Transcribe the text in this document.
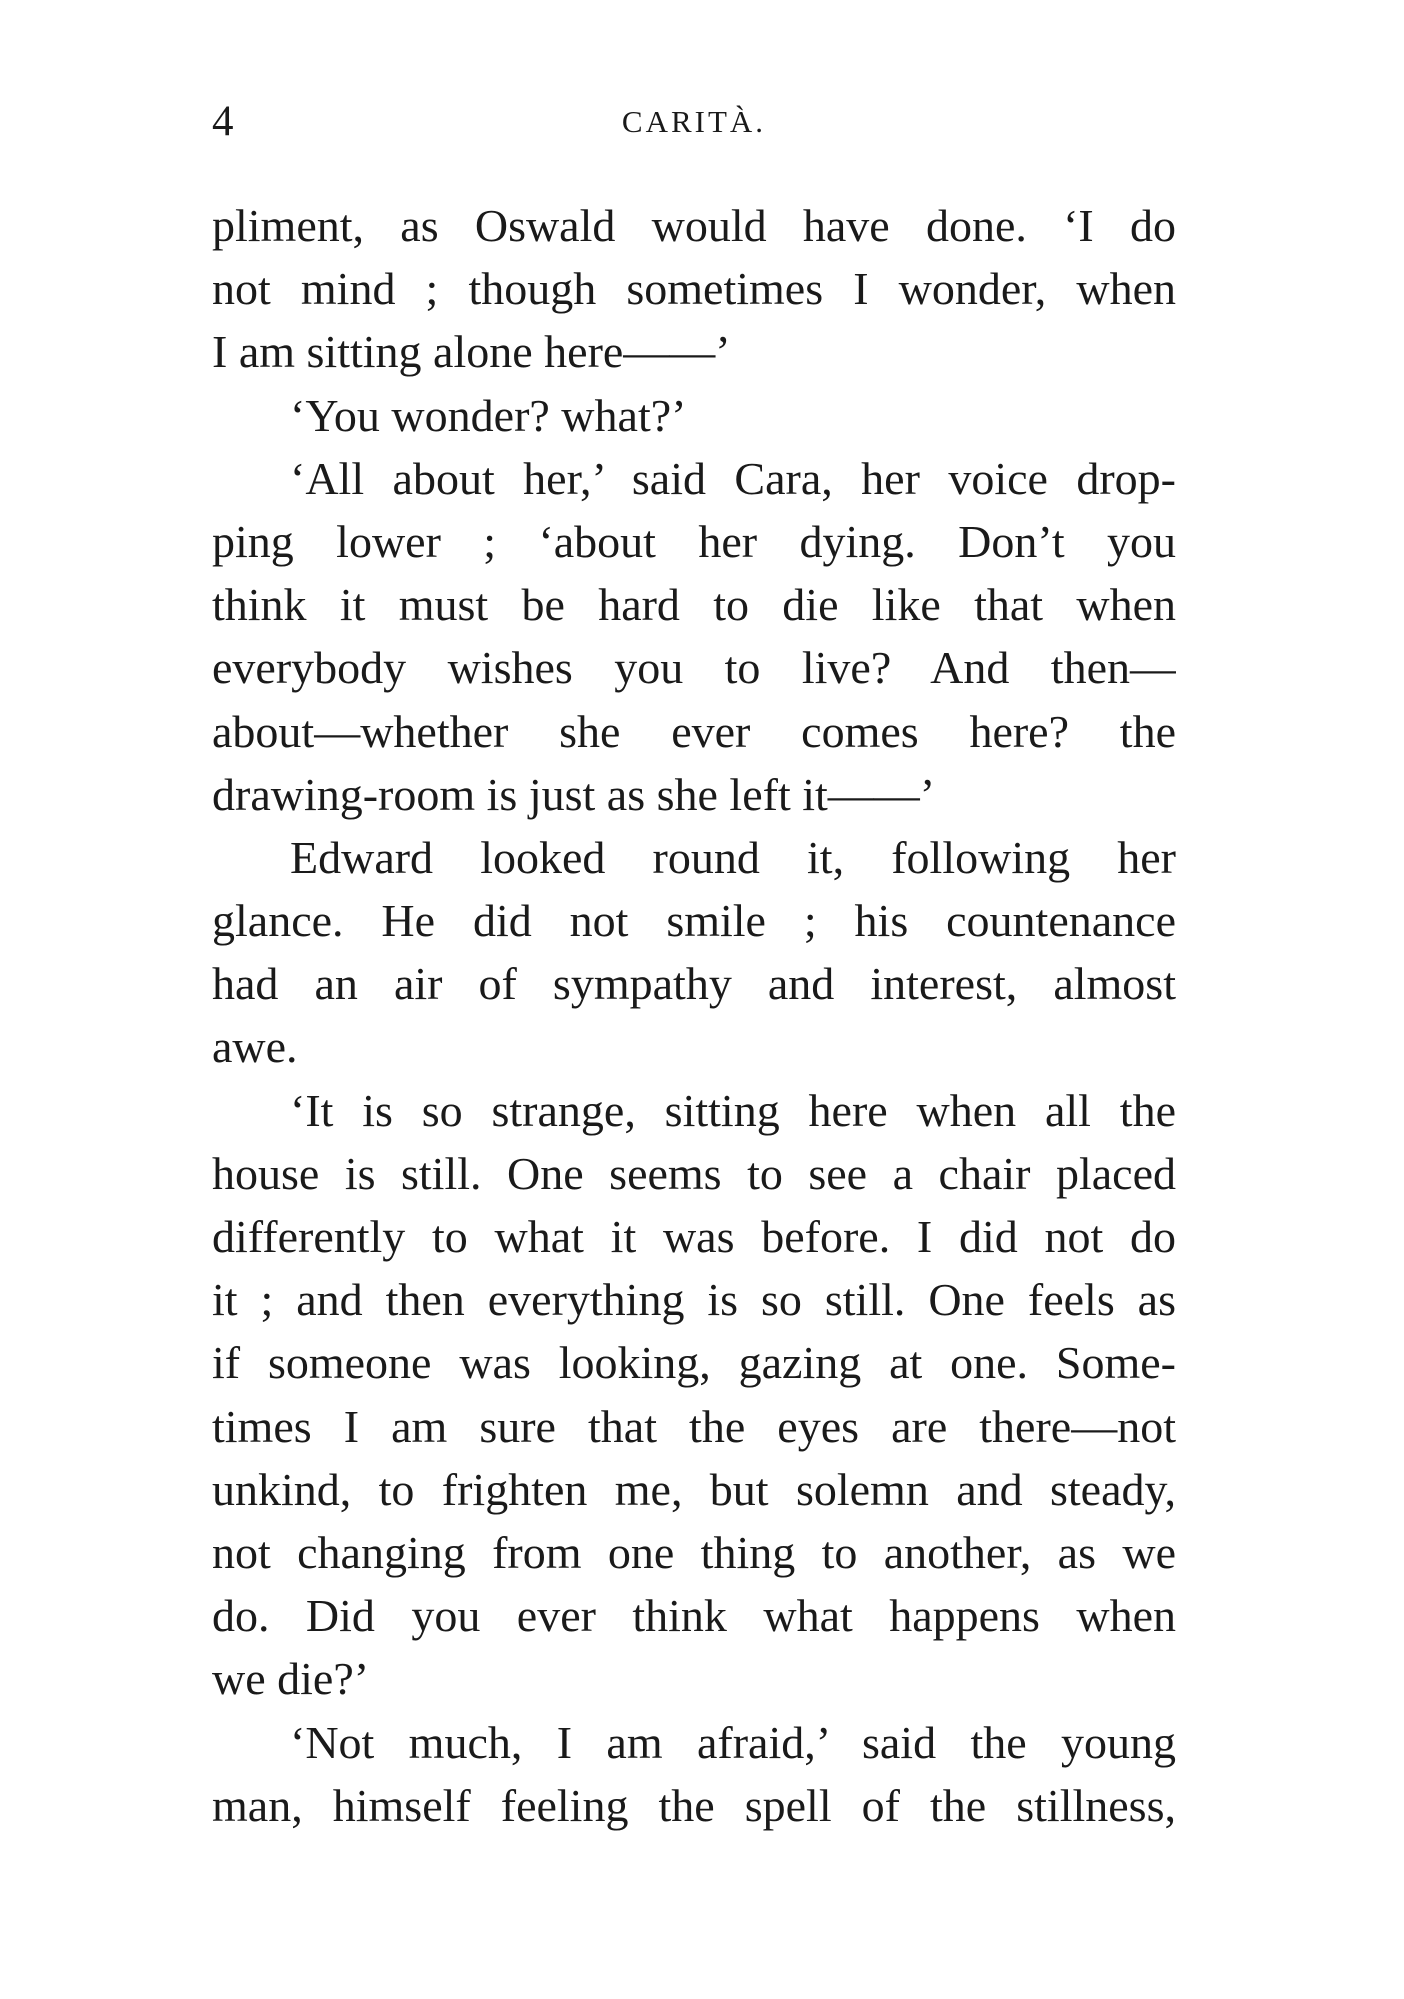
4	CARITÀ.
pliment, as Oswald would have done. ‘I do
not mind ; though sometimes I wonder, when
I am sitting alone here——’
‘You wonder? what?’
‘All about her,’ said Cara, her voice drop-
ping lower ; ‘about her dying. Don’t you
think it must be hard to die like that when
everybody wishes you to live? And then—
about—whether she ever comes here? the
drawing-room is just as she left it——’
Edward looked round it, following her
glance. He did not smile ; his countenance
had an air of sympathy and interest, almost
awe.
‘It is so strange, sitting here when all the
house is still. One seems to see a chair placed
differently to what it was before. I did not do
it ; and then everything is so still. One feels as
if someone was looking, gazing at one. Some-
times I am sure that the eyes are there—not
unkind, to frighten me, but solemn and steady,
not changing from one thing to another, as we
do. Did you ever think what happens when
we die?’
‘Not much, I am afraid,’ said the young
man, himself feeling the spell of the stillness,
